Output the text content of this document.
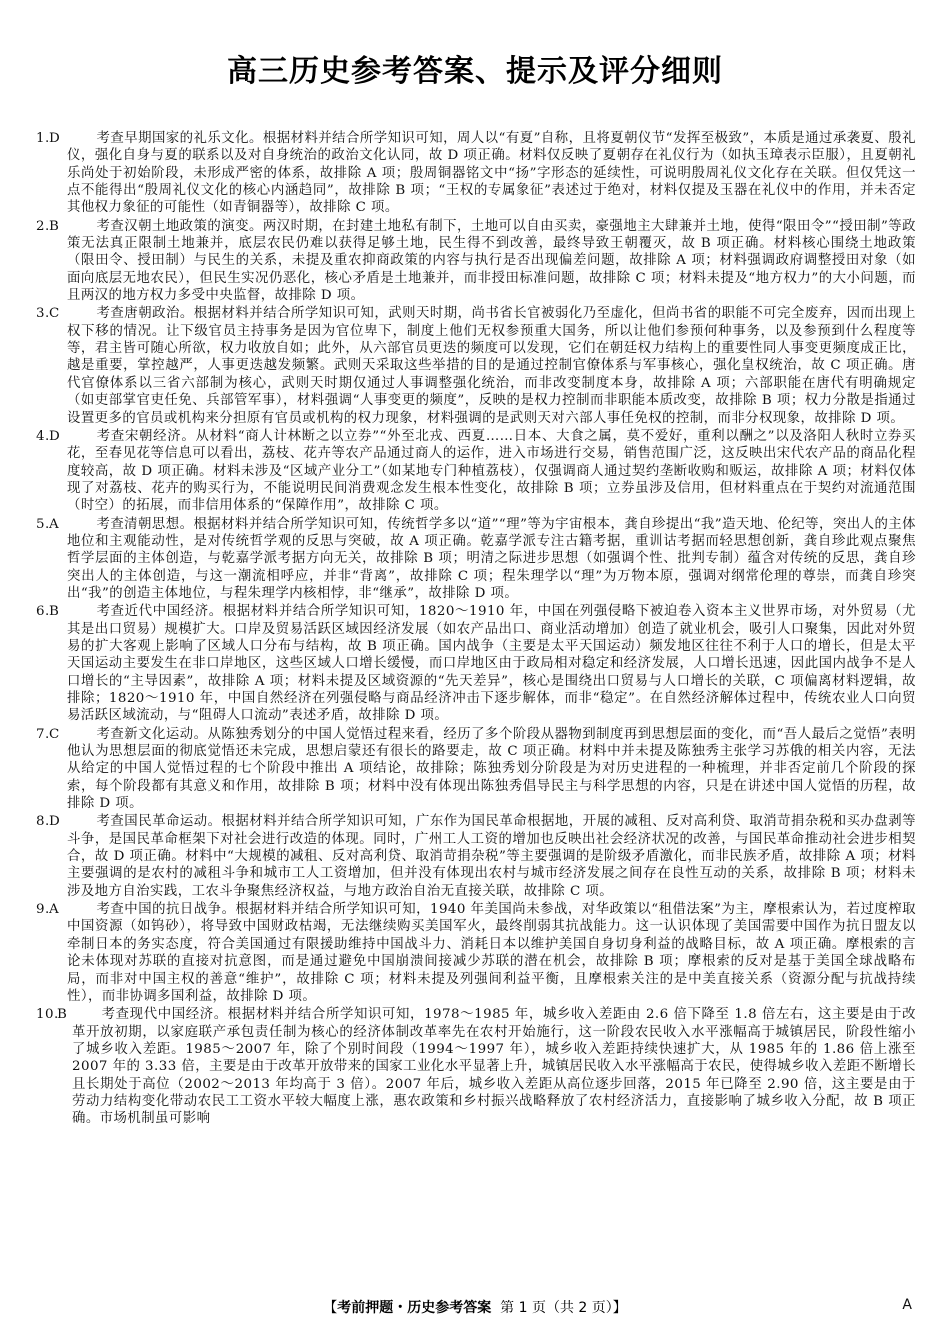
高三历史参考答案、提示及评分细则
1. D	考查早期国家的礼乐文化。根据材料并结合所学知识可知，周人以“有夏”自称，且将夏朝仪节“发挥至极致”，本质是通过承袭夏、殷礼仪，强化自身与夏的联系以及对自身统治的政治文化认同，故 D 项正确。材料仅反映了夏朝存在礼仪行为（如执玉璋表示臣服），且夏朝礼乐尚处于初始阶段，未形成严密的体系，故排除 A 项；殷周铜器铭文中“扬”字形态的延续性，可说明殷周礼仪文化存在关联。但仅凭这一点不能得出“殷周礼仪文化的核心内涵趋同”，故排除 B 项；“王权的专属象征”表述过于绝对，材料仅提及玉器在礼仪中的作用，并未否定其他权力象征的可能性（如青铜器等），故排除 C 项。
2. B	考查汉朝土地政策的演变。两汉时期，在封建土地私有制下，土地可以自由买卖，豪强地主大肆兼并土地，使得“限田令”“授田制”等政策无法真正限制土地兼并，底层农民仍难以获得足够土地，民生得不到改善，最终导致王朝覆灭，故 B 项正确。材料核心围绕土地政策（限田令、授田制）与民生的关系，未提及重农抑商政策的内容与执行是否出现偏差问题，故排除 A 项；材料强调政府调整授田对象（如面向底层无地农民），但民生实况仍恶化，核心矛盾是土地兼并，而非授田标准问题，故排除 C 项；材料未提及“地方权力”的大小问题，而且两汉的地方权力多受中央监督，故排除 D 项。
3. C	考查唐朝政治。根据材料并结合所学知识可知，武则天时期，尚书省长官被弱化乃至虚化，但尚书省的职能不可完全废弃，因而出现上权下移的情况。让下级官员主持事务是因为官位卑下，制度上他们无权参预重大国务，所以让他们参预何种事务，以及参预到什么程度等等，君主皆可随心所欲，权力收放自如；此外，从六部官员更迭的频度可以发现，它们在朝廷权力结构上的重要性同人事变更频度成正比，越是重要，掌控越严，人事更迭越发频繁。武则天采取这些举措的目的是通过控制官僚体系与军事核心，强化皇权统治，故 C 项正确。唐代官僚体系以三省六部制为核心，武则天时期仅通过人事调整强化统治，而非改变制度本身，故排除 A 项；六部职能在唐代有明确规定（如吏部掌官吏任免、兵部管军事），材料强调“人事变更的频度”，反映的是权力控制而非职能本质改变，故排除 B 项；权力分散是指通过设置更多的官员或机构来分担原有官员或机构的权力现象，材料强调的是武则天对六部人事任免权的控制，而非分权现象，故排除 D 项。
4. D	考查宋朝经济。从材料“商人计林断之以立券”“外至北戎、西夏……日本、大食之属，莫不爱好，重利以酬之”以及洛阳人秋时立券买花，至春见花等信息可以看出，荔枝、花卉等农产品通过商人的运作，进入市场进行交易，销售范围广泛，这反映出宋代农产品的商品化程度较高，故 D 项正确。材料未涉及“区域产业分工”（如某地专门种植荔枝），仅强调商人通过契约垄断收购和贩运，故排除 A 项；材料仅体现了对荔枝、花卉的购买行为，不能说明民间消费观念发生根本性变化，故排除 B 项；立券虽涉及信用，但材料重点在于契约对流通范围（时空）的拓展，而非信用体系的“保障作用”，故排除 C 项。
5. A	考查清朝思想。根据材料并结合所学知识可知，传统哲学多以“道”“理”等为宇宙根本，龚自珍提出“我”造天地、伦纪等，突出人的主体地位和主观能动性，是对传统哲学观的反思与突破，故 A 项正确。乾嘉学派专注古籍考据，重训诂考据而轻思想创新，龚自珍此观点聚焦哲学层面的主体创造，与乾嘉学派考据方向无关，故排除 B 项；明清之际进步思想（如强调个性、批判专制）蕴含对传统的反思，龚自珍突出人的主体创造，与这一潮流相呼应，并非“背离”，故排除 C 项；程朱理学以“理”为万物本原，强调对纲常伦理的尊崇，而龚自珍突出“我”的创造主体地位，与程朱理学内核相悖，非“继承”，故排除 D 项。
6. B	考查近代中国经济。根据材料并结合所学知识可知，1820～1910 年，中国在列强侵略下被迫卷入资本主义世界市场，对外贸易（尤其是出口贸易）规模扩大。口岸及贸易活跃区域因经济发展（如农产品出口、商业活动增加）创造了就业机会，吸引人口聚集，因此对外贸易的扩大客观上影响了区域人口分布与结构，故 B 项正确。国内战争（主要是太平天国运动）频发地区往往不利于人口的增长，但是太平天国运动主要发生在非口岸地区，这些区域人口增长缓慢，而口岸地区由于政局相对稳定和经济发展，人口增长迅速，因此国内战争不是人口增长的“主导因素”，故排除 A 项；材料未提及区域资源的“先天差异”，核心是围绕出口贸易与人口增长的关联，C 项偏离材料逻辑，故排除；1820～1910 年，中国自然经济在列强侵略与商品经济冲击下逐步解体，而非“稳定”。在自然经济解体过程中，传统农业人口向贸易活跃区域流动，与“阻碍人口流动”表述矛盾，故排除 D 项。
7. C	考查新文化运动。从陈独秀划分的中国人觉悟过程来看，经历了多个阶段从器物到制度再到思想层面的变化，而“吾人最后之觉悟”表明他认为思想层面的彻底觉悟还未完成，思想启蒙还有很长的路要走，故 C 项正确。材料中并未提及陈独秀主张学习苏俄的相关内容，无法从给定的中国人觉悟过程的七个阶段中推出 A 项结论，故排除；陈独秀划分阶段是为对历史进程的一种梳理，并非否定前几个阶段的探索，每个阶段都有其意义和作用，故排除 B 项；材料中没有体现出陈独秀倡导民主与科学思想的内容，只是在讲述中国人觉悟的历程，故排除 D 项。
8. D	考查国民革命运动。根据材料并结合所学知识可知，广东作为国民革命根据地，开展的减租、反对高利贷、取消苛捐杂税和买办盘剥等斗争，是国民革命框架下对社会进行改造的体现。同时，广州工人工资的增加也反映出社会经济状况的改善，与国民革命推动社会进步相契合，故 D 项正确。材料中“大规模的减租、反对高利贷、取消苛捐杂税”等主要强调的是阶级矛盾激化，而非民族矛盾，故排除 A 项；材料主要强调的是农村的减租斗争和城市工人工资增加，但并没有体现出农村与城市经济发展之间存在良性互动的关系，故排除 B 项；材料未涉及地方自治实践，工农斗争聚焦经济权益，与地方政治自治无直接关联，故排除 C 项。
9. A	考查中国的抗日战争。根据材料并结合所学知识可知，1940 年美国尚未参战，对华政策以“租借法案”为主，摩根索认为，若过度榨取中国资源（如钨砂），将导致中国财政枯竭，无法继续购买美国军火，最终削弱其抗战能力。这一认识体现了美国需要中国作为抗日盟友以牵制日本的务实态度，符合美国通过有限援助维持中国战斗力、消耗日本以维护美国自身切身利益的战略目标，故 A 项正确。摩根索的言论未体现对苏联的直接对抗意图，而是通过避免中国崩溃间接减少苏联的潜在机会，故排除 B 项；摩根索的反对是基于美国全球战略布局，而非对中国主权的善意“维护”，故排除 C 项；材料未提及列强间利益平衡，且摩根索关注的是中美直接关系（资源分配与抗战持续性），而非协调多国利益，故排除 D 项。
10.
B	考查现代中国经济。根据材料并结合所学知识可知，1978～1985 年，城乡收入差距由 2.6 倍下降至 1.8 倍左右，这主要是由于改革开放初期，以家庭联产承包责任制为核心的经济体制改革率先在农村开始施行，这一阶段农民收入水平涨幅高于城镇居民，阶段性缩小了城乡收入差距。1985～2007 年，除了个别时间段（1994～1997 年），城乡收入差距持续快速扩大，从 1985 年的 1.86 倍上涨至 2007 年的 3.33 倍，主要是由于改革开放带来的国家工业化水平显著上升，城镇居民收入水平涨幅高于农民，使得城乡收入差距不断增长且长期处于高位（2002～2013 年均高于 3 倍）。2007 年后，城乡收入差距从高位逐步回落，2015 年已降至 2.90 倍，这主要是由于劳动力结构变化带动农民工工资水平较大幅度上涨，惠农政策和乡村振兴战略释放了农村经济活力，直接影响了城乡收入分配，故 B 项正确。市场机制虽可影响
【考前押题・历史参考答案 第 1 页（共 2 页）】	A
